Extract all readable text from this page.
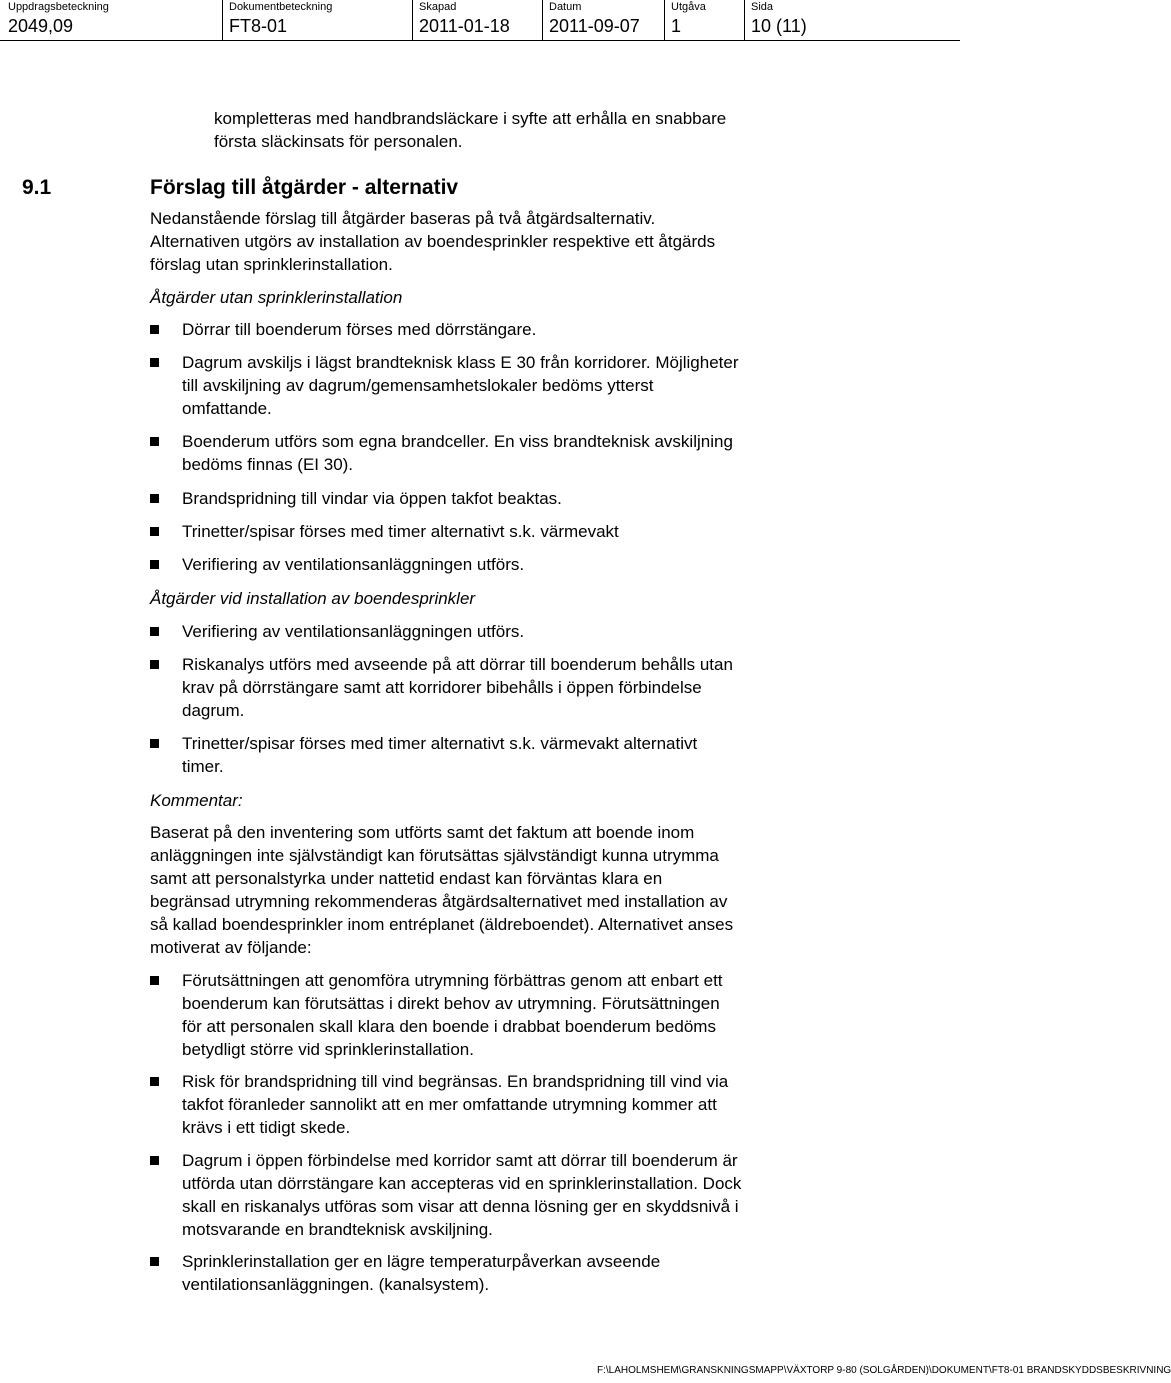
Uppdragsbeteckning
2049,09
Dokumentbeteckning
FT8-01
Skapad
2011-01-18
Datum
2011-09-07
Utgåva
1
Sida
10 (11)
kompletteras med handbrandsläckare i syfte att erhålla en snabbare
första släckinsats för personalen.
9.1	Förslag till åtgärder - alternativ
Nedanstående förslag till åtgärder baseras på två åtgärdsalternativ.
Alternativen utgörs av installation av boendesprinkler respektive ett åtgärds
förslag utan sprinklerinstallation.
Åtgärder utan sprinklerinstallation
Dörrar till boenderum förses med dörrstängare.
Dagrum avskiljs i lägst brandteknisk klass E 30 från korridorer. Möjligheter
till avskiljning av dagrum/gemensamhetslokaler bedöms ytterst
omfattande.
Boenderum utförs som egna brandceller. En viss brandteknisk avskiljning
bedöms finnas (EI 30).
Brandspridning till vindar via öppen takfot beaktas.
Trinetter/spisar förses med timer alternativt s.k. värmevakt
Verifiering av ventilationsanläggningen utförs.
Åtgärder vid installation av boendesprinkler
Verifiering av ventilationsanläggningen utförs.
Riskanalys utförs med avseende på att dörrar till boenderum behålls utan
krav på dörrstängare samt att korridorer bibehålls i öppen förbindelse
dagrum.
Trinetter/spisar förses med timer alternativt s.k. värmevakt alternativt
timer.
Kommentar:
Baserat på den inventering som utförts samt det faktum att boende inom
anläggningen inte självständigt kan förutsättas självständigt kunna utrymma
samt att personalstyrka under nattetid endast kan förväntas klara en
begränsad utrymning rekommenderas åtgärdsalternativet med installation av
så kallad boendesprinkler inom entréplanet (äldreboendet). Alternativet anses
motiverat av följande:
Förutsättningen att genomföra utrymning förbättras genom att enbart ett
boenderum kan förutsättas i direkt behov av utrymning. Förutsättningen
för att personalen skall klara den boende i drabbat boenderum bedöms
betydligt större vid sprinklerinstallation.
Risk för brandspridning till vind begränsas. En brandspridning till vind via
takfot föranleder sannolikt att en mer omfattande utrymning kommer att
krävs i ett tidigt skede.
Dagrum i öppen förbindelse med korridor samt att dörrar till boenderum är
utförda utan dörrstängare kan accepteras vid en sprinklerinstallation. Dock
skall en riskanalys utföras som visar att denna lösning ger en skyddsnivå i
motsvarande en brandteknisk avskiljning.
Sprinklerinstallation ger en lägre temperaturpåverkan avseende
ventilationsanläggningen. (kanalsystem).
F:\LAHOLMSHEM\GRANSKNINGSMAPP\VÄXTORP 9-80 (SOLGÅRDEN)\DOKUMENT\FT8-01 BRANDSKYDDSBESKRIVNING
